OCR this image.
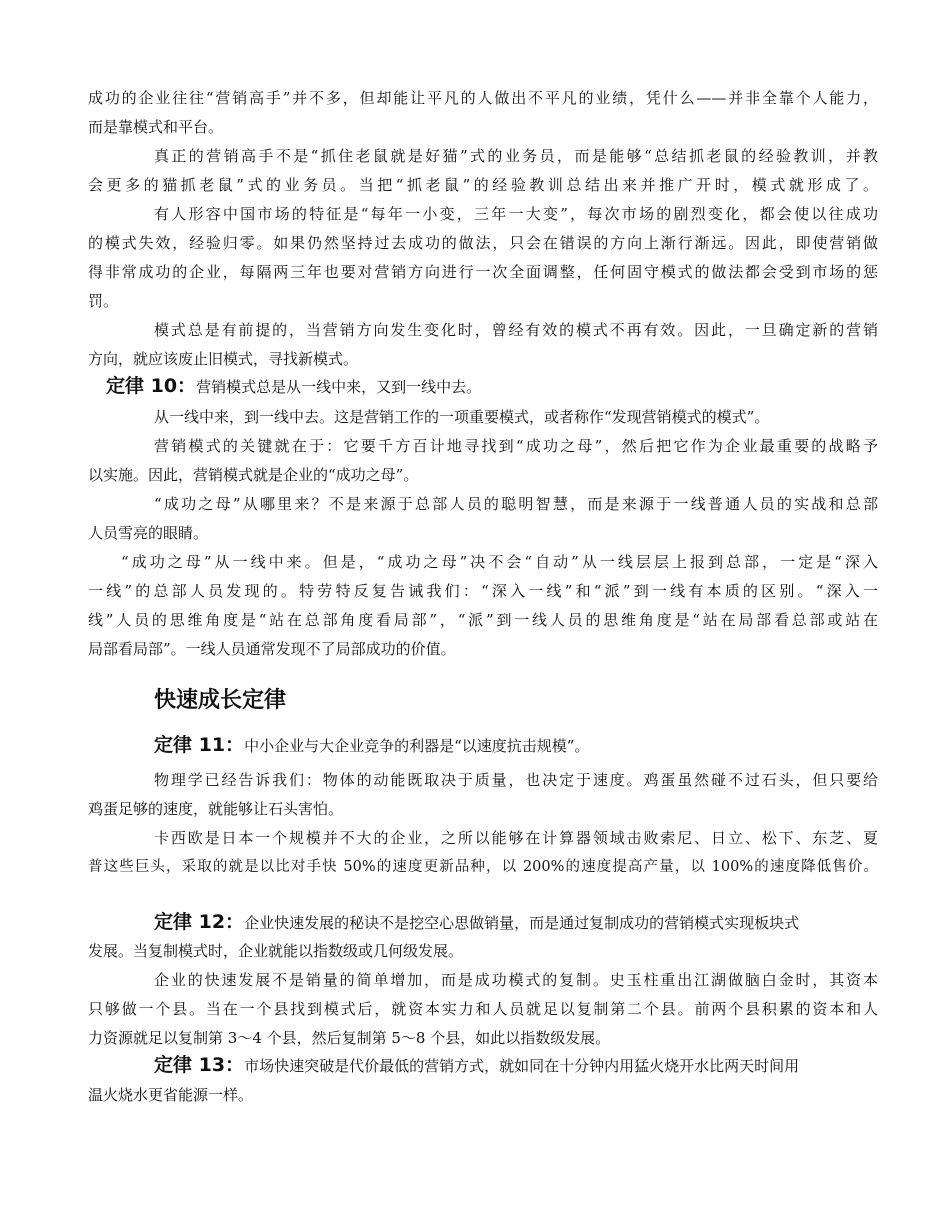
成功的企业往往“营销高手”并不多，但却能让平凡的人做出不平凡的业绩，凭什么——并非全靠个人能力，
而是靠模式和平台。
真正的营销高手不是“抓住老鼠就是好猫”式的业务员，而是能够“总结抓老鼠的经验教训，并教
会更多的猫抓老鼠”式的业务员。当把“抓老鼠”的经验教训总结出来并推广开时，模式就形成了。
有人形容中国市场的特征是“每年一小变，三年一大变”，每次市场的剧烈变化，都会使以往成功
的模式失效，经验归零。如果仍然坚持过去成功的做法，只会在错误的方向上渐行渐远。因此，即使营销做
得非常成功的企业，每隔两三年也要对营销方向进行一次全面调整，任何固守模式的做法都会受到市场的惩
罚。
模式总是有前提的，当营销方向发生变化时，曾经有效的模式不再有效。因此，一旦确定新的营销
方向，就应该废止旧模式，寻找新模式。
定律 10：营销模式总是从一线中来，又到一线中去。
从一线中来，到一线中去。这是营销工作的一项重要模式，或者称作“发现营销模式的模式”。
营销模式的关键就在于：它要千方百计地寻找到“成功之母”，然后把它作为企业最重要的战略予
以实施。因此，营销模式就是企业的“成功之母”。
“成功之母”从哪里来？不是来源于总部人员的聪明智慧，而是来源于一线普通人员的实战和总部
人员雪亮的眼睛。
“成功之母”从一线中来。但是，“成功之母”决不会“自动”从一线层层上报到总部，一定是“深入
一线”的总部人员发现的。特劳特反复告诫我们：“深入一线”和“派”到一线有本质的区别。“深入一
线”人员的思维角度是“站在总部角度看局部”，“派”到一线人员的思维角度是“站在局部看总部或站在
局部看局部”。一线人员通常发现不了局部成功的价值。
快速成长定律
定律 11：中小企业与大企业竞争的利器是“以速度抗击规模”。
物理学已经告诉我们：物体的动能既取决于质量，也决定于速度。鸡蛋虽然碰不过石头，但只要给
鸡蛋足够的速度，就能够让石头害怕。
卡西欧是日本一个规模并不大的企业，之所以能够在计算器领域击败索尼、日立、松下、东芝、夏
普这些巨头，采取的就是以比对手快 50%的速度更新品种，以 200%的速度提高产量，以 100%的速度降低售价。
定律 12：企业快速发展的秘诀不是挖空心思做销量，而是通过复制成功的营销模式实现板块式
发展。当复制模式时，企业就能以指数级或几何级发展。
企业的快速发展不是销量的简单增加，而是成功模式的复制。史玉柱重出江湖做脑白金时，其资本
只够做一个县。当在一个县找到模式后，就资本实力和人员就足以复制第二个县。前两个县积累的资本和人
力资源就足以复制第 3～4 个县，然后复制第 5～8 个县，如此以指数级发展。
定律 13：市场快速突破是代价最低的营销方式，就如同在十分钟内用猛火烧开水比两天时间用
温火烧水更省能源一样。
